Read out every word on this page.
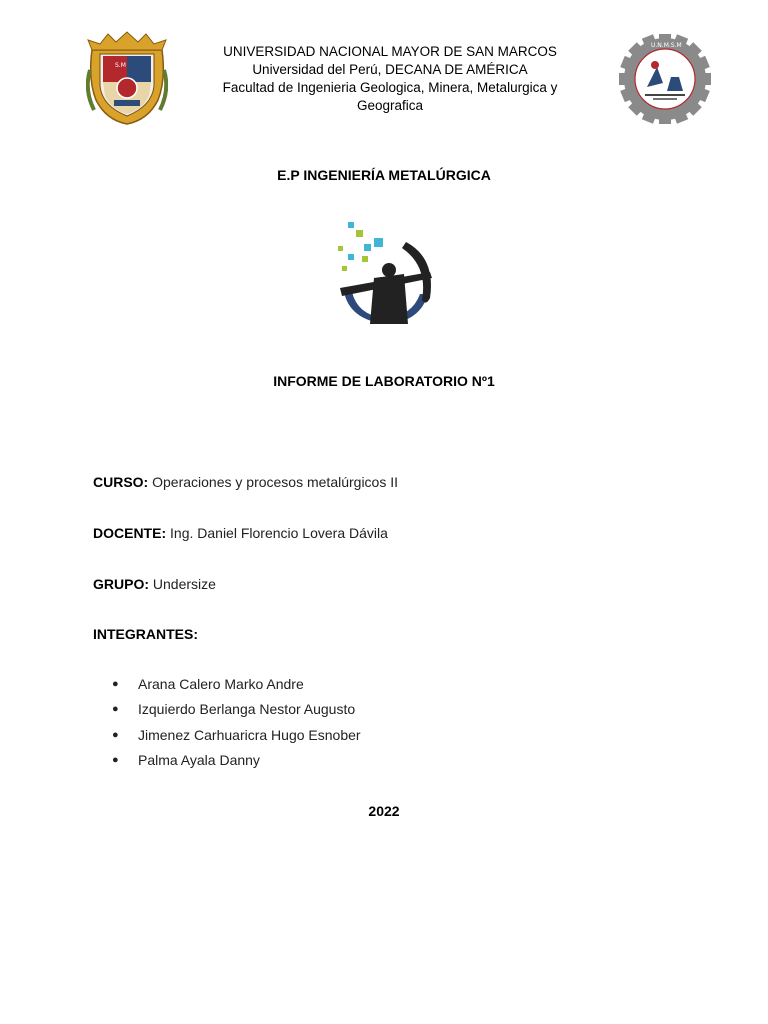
S.M
UNIVERSIDAD NACIONAL MAYOR DE SAN MARCOS
Universidad del Perú, DECANA DE AMÉRICA
Facultad de Ingenieria Geologica, Minera, Metalurgica y
Geografica
U.N.M.S.M
E.P INGENIERÍA METALÚRGICA
INFORME DE LABORATORIO Nº1
CURSO: Operaciones y procesos metalúrgicos II
DOCENTE: Ing. Daniel Florencio Lovera Dávila
GRUPO: Undersize
INTEGRANTES:
●	Arana Calero Marko Andre
●	Izquierdo Berlanga Nestor Augusto
●	Jimenez Carhuaricra Hugo Esnober
●	Palma Ayala Danny
2022
